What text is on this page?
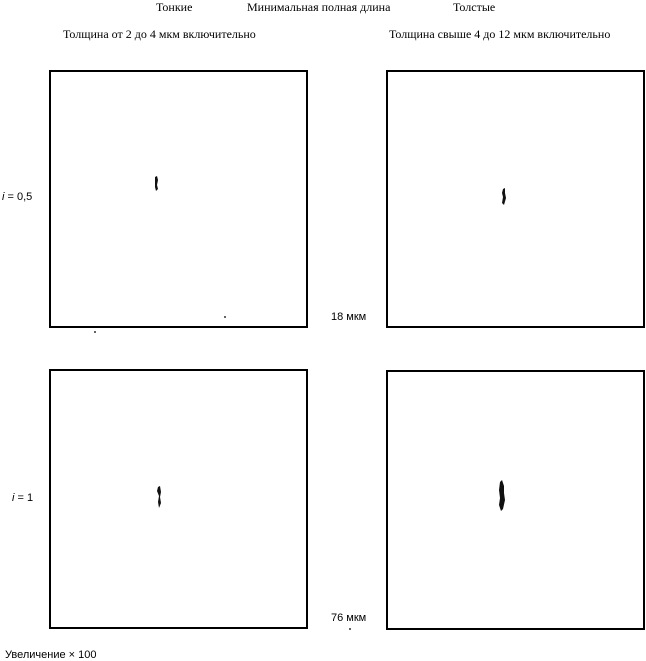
Тонкие	Минимальная полная длина	Толстые
Толщина от 2 до 4 мкм включительно	Толщина свыше 4 до 12 мкм включительно
i = 0,5
18 мкм
i = 1
76 мкм
Увеличение × 100
